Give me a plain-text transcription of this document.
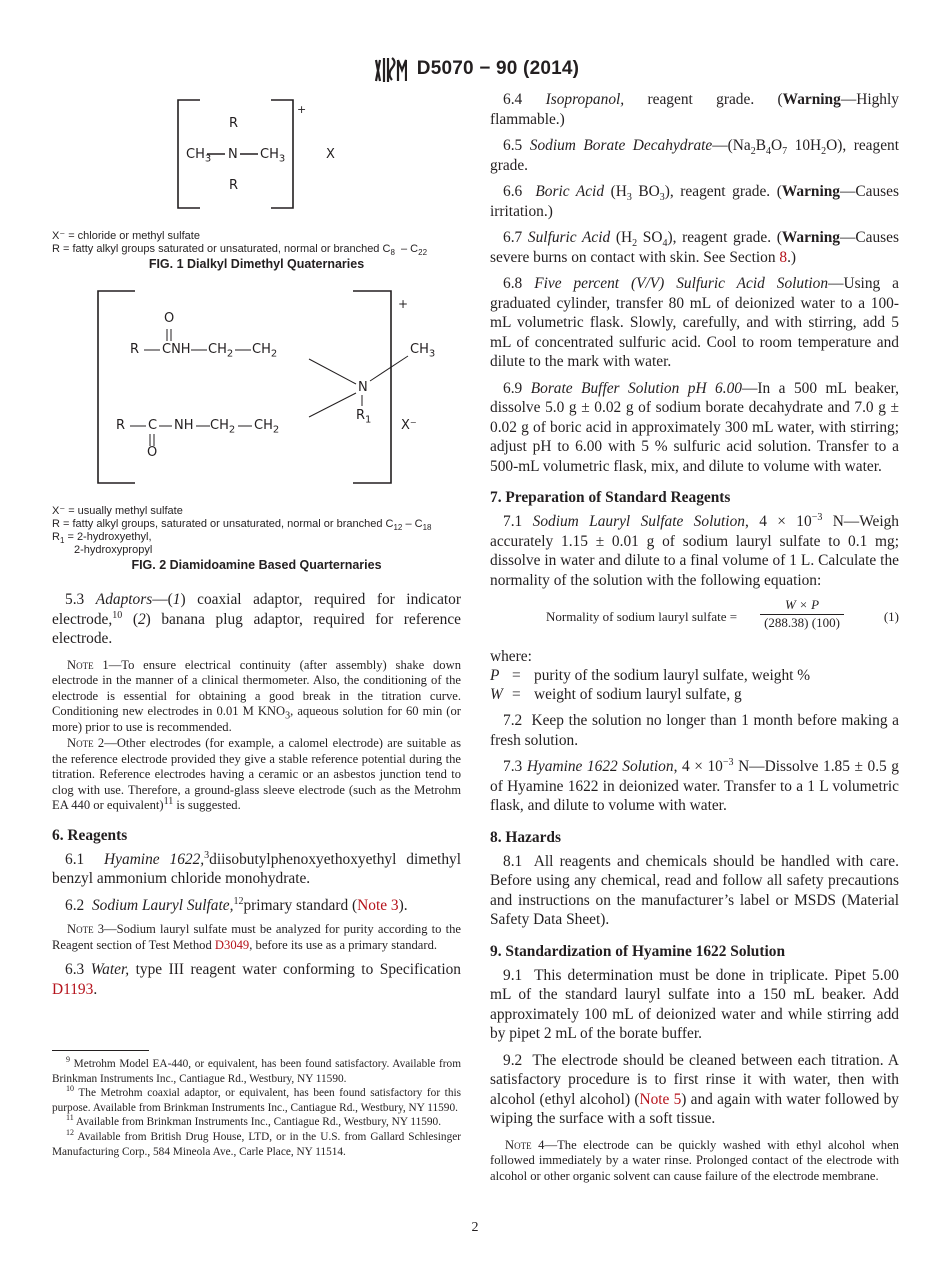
D5070 − 90 (2014)
R
$CH_3$ N $CH_3$
R
+
X
X⁻ = chloride or methyl sulfate
R = fatty alkyl groups saturated or unsaturated, normal or branched $C_8 - C_{22}$
FIG. 1 Dialkyl Dimethyl Quaternaries
O
R CNH $CH_2$ $CH_2$	$CH_3$
N
$R_1$
R C NH $CH_2$ $CH_2$
O
+
X⁻
X⁻ = usually methyl sulfate
R = fatty alkyl groups, saturated or unsaturated, normal or branched $C_{12} - C_{18}$
$R_1$ = 2-hydroxyethyl,
2-hydroxypropyl
FIG. 2 Diamidoamine Based Quarternaries

5.3 Adaptors—(1) coaxial adaptor, required for indicator electrode,$^{10}$ (2) banana plug adaptor, required for reference electrode.

Note 1—To ensure electrical continuity (after assembly) shake down electrode in the manner of a clinical thermometer. Also, the conditioning of the electrode is essential for obtaining a good break in the titration curve. Conditioning new electrodes in 0.01 M $KNO_3$, aqueous solution for 60 min (or more) prior to use is recommended.

Note 2—Other electrodes (for example, a calomel electrode) are suitable as the reference electrode provided they give a stable reference potential during the titration. Reference electrodes having a ceramic or an asbestos junction tend to clog with use. Therefore, a ground-glass sleeve electrode (such as the Metrohm EA 440 or equivalent)$^{11}$ is suggested.

6. Reagents

6.1 Hyamine 1622,$^3$diisobutylphenoxyethoxyethyl dimethyl benzyl ammonium chloride monohydrate.

6.2 Sodium Lauryl Sulfate,$^{12}$primary standard (Note 3).

Note 3—Sodium lauryl sulfate must be analyzed for purity according to the Reagent section of Test Method D3049, before its use as a primary standard.

6.3 Water, type III reagent water conforming to Specification D1193.

$^9$ Metrohm Model EA-440, or equivalent, has been found satisfactory. Available from Brinkman Instruments Inc., Cantiague Rd., Westbury, NY 11590.

$^{10}$ The Metrohm coaxial adaptor, or equivalent, has been found satisfactory for this purpose. Available from Brinkman Instruments Inc., Cantiague Rd., Westbury, NY 11590.

$^{11}$ Available from Brinkman Instruments Inc., Cantiague Rd., Westbury, NY 11590.

$^{12}$ Available from British Drug House, LTD, or in the U.S. from Gallard Schlesinger Manufacturing Corp., 584 Mineola Ave., Carle Place, NY 11514.

6.4 Isopropanol, reagent grade. (Warning—Highly flammable.)

6.5 Sodium Borate $Decahydrate—(Na_2B_4O_7$ $10H_2O$), reagent grade.

6.6 Boric Acid ($H_3$ $BO_3$), reagent grade. (Warning—Causes irritation.)

6.7 Sulfuric Acid ($H_2$ $SO_4$), reagent grade. (Warning—Causes severe burns on contact with skin. See Section 8.)

6.8 Five percent (V/V) Sulfuric Acid Solution—Using a graduated cylinder, transfer 80 mL of deionized water to a 100-mL volumetric flask. Slowly, carefully, and with stirring, add 5 mL of concentrated sulfuric acid. Cool to room temperature and dilute to the mark with water.

6.9 Borate Buffer Solution pH 6.00—In a 500 mL beaker, dissolve 5.0 g ± 0.02 g of sodium borate decahydrate and 7.0 g ± 0.02 g of boric acid in approximately 300 mL water, with stirring; adjust pH to 6.00 with 5 % sulfuric acid solution. Transfer to a 500-mL volumetric flask, mix, and dilute to volume with water.

7. Preparation of Standard Reagents

7.1 Sodium Lauryl Sulfate Solution, $4 \times 10^{-3}$ N—Weigh accurately 1.15 ± 0.01 g of sodium lauryl sulfate to 0.1 mg; dissolve in water and dilute to a final volume of 1 L. Calculate the normality of the solution with the following equation:

Normality of sodium lauryl sulfate = $\frac{W \times P}{(288.38) (100)}$	(1)
where:
P = purity of the sodium lauryl sulfate, weight %
W = weight of sodium lauryl sulfate, g

7.2 Keep the solution no longer than 1 month before making a fresh solution.

7.3 Hyamine 1622 Solution, $4 \times 10^{-3}$ N—Dissolve 1.85 ± 0.5 g of Hyamine 1622 in deionized water. Transfer to a 1 L volumetric flask, and dilute to volume with water.

8. Hazards

8.1 All reagents and chemicals should be handled with care. Before using any chemical, read and follow all safety precautions and instructions on the manufacturer’s label or MSDS (Material Safety Data Sheet).

9. Standardization of Hyamine 1622 Solution

9.1 This determination must be done in triplicate. Pipet 5.00 mL of the standard lauryl sulfate into a 150 mL beaker. Add approximately 100 mL of deionized water and while stirring add by pipet 2 mL of the borate buffer.

9.2 The electrode should be cleaned between each titration. A satisfactory procedure is to first rinse it with water, then with alcohol (ethyl alcohol) (Note 5) and again with water followed by wiping the surface with a soft tissue.

Note 4—The electrode can be quickly washed with ethyl alcohol when followed immediately by a water rinse. Prolonged contact of the electrode with alcohol or other organic solvent can cause failure of the electrode membrane.

2
